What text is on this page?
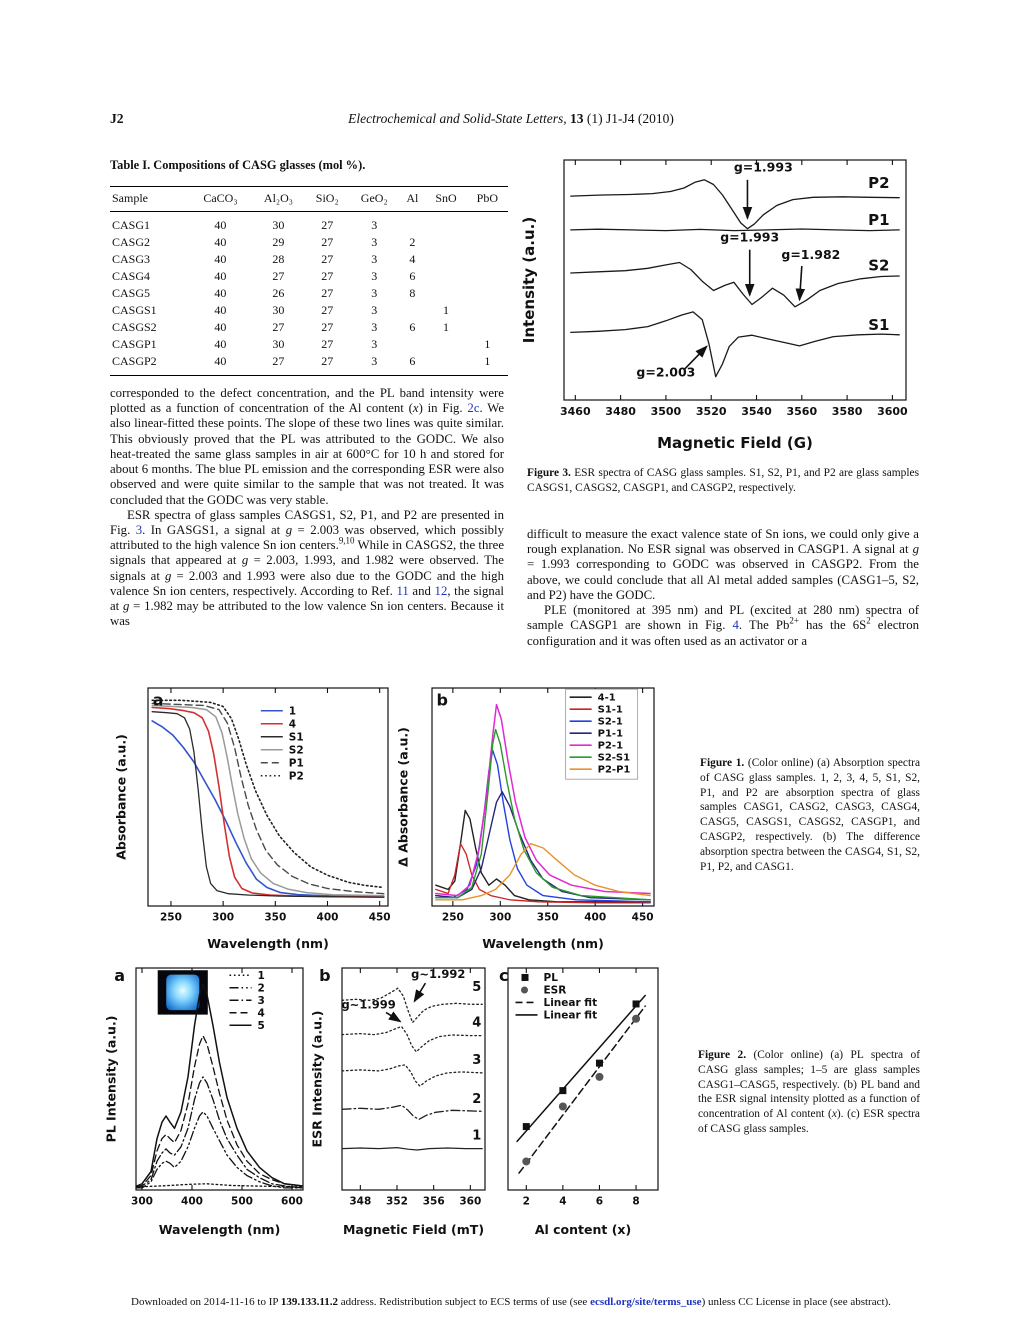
J2	Electrochemical and Solid-State Letters, 13 (1) J1-J4 (2010)
Table I. Compositions of CASG glasses (mol %).
Sample	CaCO₃	Al₂O₃	SiO₂	GeO₂	Al	SnO	PbO
CASG1	40	30	27	3			
CASG2	40	29	27	3	2		
CASG3	40	28	27	3	4		
CASG4	40	27	27	3	6		
CASG5	40	26	27	3	8		
CASGS1	40	30	27	3		1	
CASGS2	40	27	27	3	6	1	
CASGP1	40	30	27	3			1
CASGP2	40	27	27	3	6		1
3460 3480 3500 3520 3540 3560 3580 3600
Magnetic Field (G)
Intensity (a.u.)
P2
P1
S2
S1
g=1.993
g=1.993
g=1.982
g=2.003
Figure 3. ESR spectra of CASG glass samples. S1, S2, P1, and P2 are glass samples CASGS1, CASGS2, CASGP1, and CASGP2, respectively.

corresponded to the defect concentration, and the PL band intensity were plotted as a function of concentration of the Al content (x) in Fig. 2c. We also linear-fitted these points. The slope of these two lines was quite similar. This obviously proved that the PL was attributed to the GODC. We also heat-treated the same glass samples in air at 600°C for 10 h and stored for about 6 months. The blue PL emission and the corresponding ESR were also observed and were quite similar to the sample that was not treated. It was concluded that the GODC was very stable.

ESR spectra of glass samples CASGS1, S2, P1, and P2 are presented in Fig. 3. In GASGS1, a signal at g = 2.003 was observed, which possibly attributed to the high valence Sn ion centers.$^{9,10}$ While in CASGS2, the three signals that appeared at g = 2.003, 1.993, and 1.982 were observed. The signals at g = 2.003 and 1.993 were also due to the GODC and the high valence Sn ion centers, respectively. According to Ref. 11 and 12, the signal at g = 1.982 may be attributed to the low valence Sn ion centers. Because it was

difficult to measure the exact valence state of Sn ions, we could only give a rough explanation. No ESR signal was observed in CASGP1. A signal at g = 1.993 corresponding to GODC was observed in CASGP2. From the above, we could conclude that all Al metal added samples (CASG1–5, S2, and P2) have the GODC.

PLE (monitored at 395 nm) and PL (excited at 280 nm) spectra of sample CASGP1 are shown in Fig. 4. The $Pb^{2+}$ has the $6S^2$ electron configuration and it was often used as an activator or a

250	300	350	400	450
Wavelength (nm)
Absorbance (a.u.)
a
1
4
S1
S2
P1
P2
250 300 350 400 450
Wavelength (nm)
Δ Absorbance (a.u.)
b	4-1
S1-1
S2-1
P1-1
P2-1
S2-S1
P2-P1
Figure 1. (Color online) (a) Absorption spectra of CASG glass samples. 1, 2, 3, 4, 5, S1, S2, P1, and P2 are absorption spectra of glass samples CASG1, CASG2, CASG3, CASG4, CASG5, CASGS1, CASGS2, CASGP1, and CASGP2, respectively. (b) The difference absorption spectra between the CASG4, S1, S2, P1, P2, and CASG1.
300	400	500	600
Wavelength (nm)
PL Intensity (a.u.)
a	1
2
3
4
5
348 352 356 360
Magnetic Field (mT)
ESR Intensity (a.u.)
g~1.992
g~1.999
5
4
3
2
1
b
2	4	6	8
Al content (x)
c	PL
ESR
Linear fit
Linear fit
Figure 2. (Color online) (a) PL spectra of CASG glass samples; 1–5 are glass samples CASG1–CASG5, respectively. (b) PL band and the ESR signal intensity plotted as a function of concentration of Al content (x). (c) ESR spectra of CASG glass samples.
Downloaded on 2014-11-16 to IP 139.133.11.2 address. Redistribution subject to ECS terms of use (see ecsdl.org/site/terms_use) unless CC License in place (see abstract).
